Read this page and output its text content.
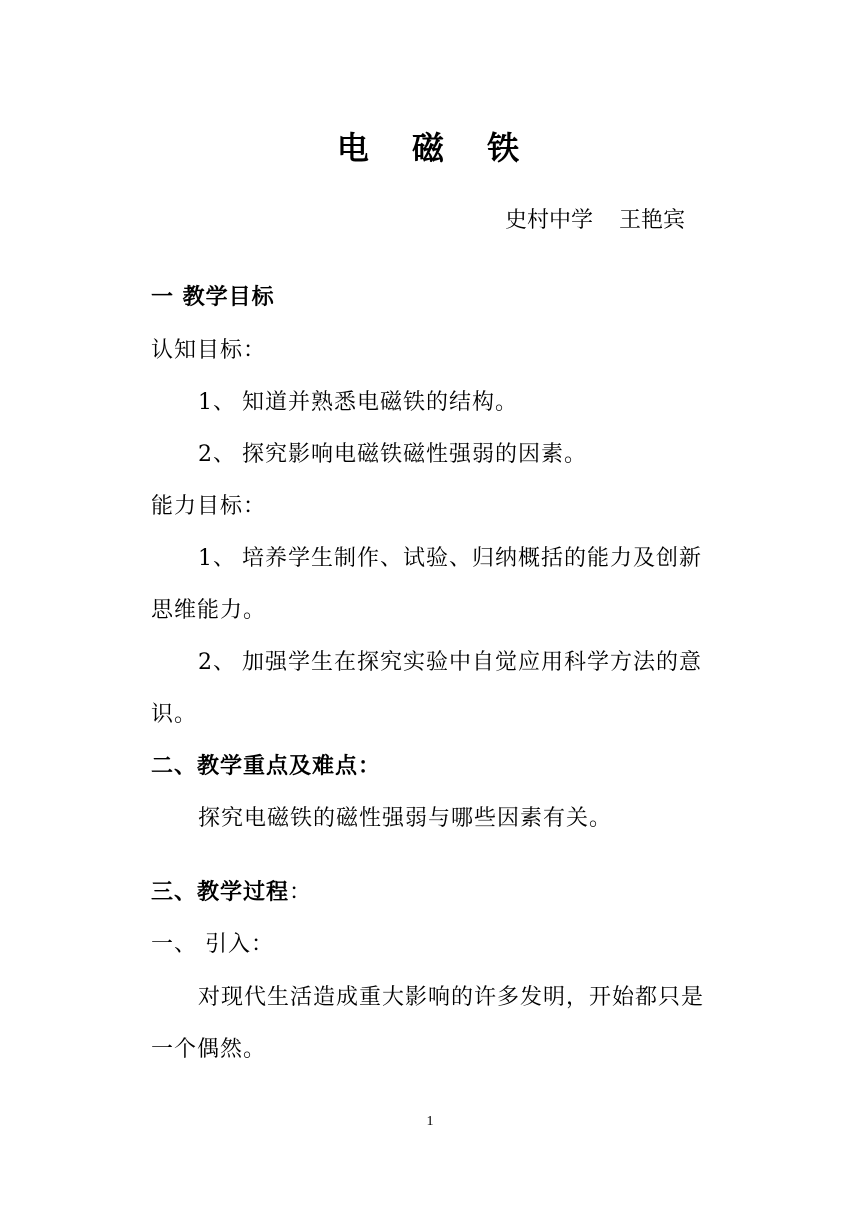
电 磁 铁
史村中学 王艳宾
一 教学目标
认知目标：
1、 知道并熟悉电磁铁的结构。
2、 探究影响电磁铁磁性强弱的因素。
能力目标：
1、 培养学生制作、试验、归纳概括的能力及创新
思维能力。
2、 加强学生在探究实验中自觉应用科学方法的意
识。
二、教学重点及难点：
探究电磁铁的磁性强弱与哪些因素有关。
三、教学过程：
一、 引入：
对现代生活造成重大影响的许多发明，开始都只是
一个偶然。
1
